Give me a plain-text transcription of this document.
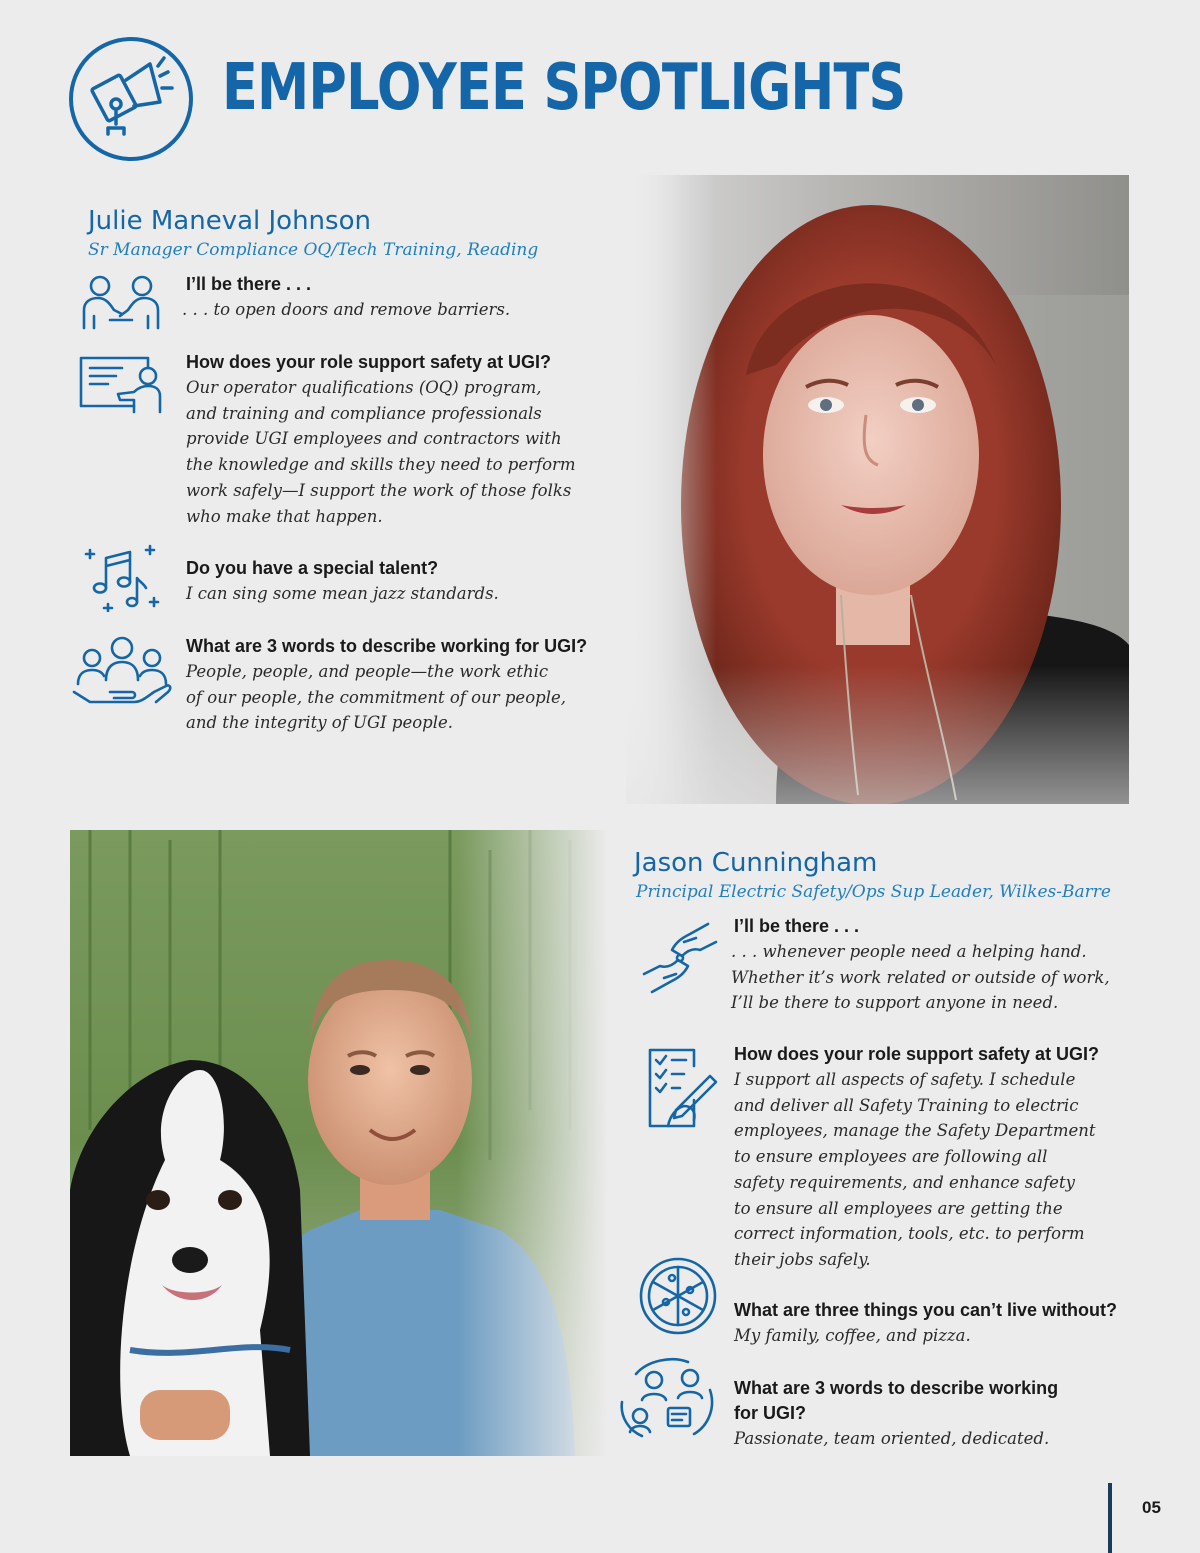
EMPLOYEE SPOTLIGHTS
Julie Maneval Johnson
Sr Manager Compliance OQ/Tech Training, Reading
I’ll be there . . .
. . . to open doors and remove barriers.
How does your role support safety at UGI?
Our operator qualifications (OQ) program,
and training and compliance professionals
provide UGI employees and contractors with
the knowledge and skills they need to perform
work safely—I support the work of those folks
who make that happen.
Do you have a special talent?
I can sing some mean jazz standards.
What are 3 words to describe working for UGI?
People, people, and people—the work ethic
of our people, the commitment of our people,
and the integrity of UGI people.
Jason Cunningham
Principal Electric Safety/Ops Sup Leader, Wilkes-Barre
I’ll be there . . .
. . . whenever people need a helping hand.
Whether it’s work related or outside of work,
I’ll be there to support anyone in need.
How does your role support safety at UGI?
I support all aspects of safety. I schedule
and deliver all Safety Training to electric
employees, manage the Safety Department
to ensure employees are following all
safety requirements, and enhance safety
to ensure all employees are getting the
correct information, tools, etc. to perform
their jobs safely.
What are three things you can’t live without?
My family, coffee, and pizza.
What are 3 words to describe working
for UGI?
Passionate, team oriented, dedicated.
05
